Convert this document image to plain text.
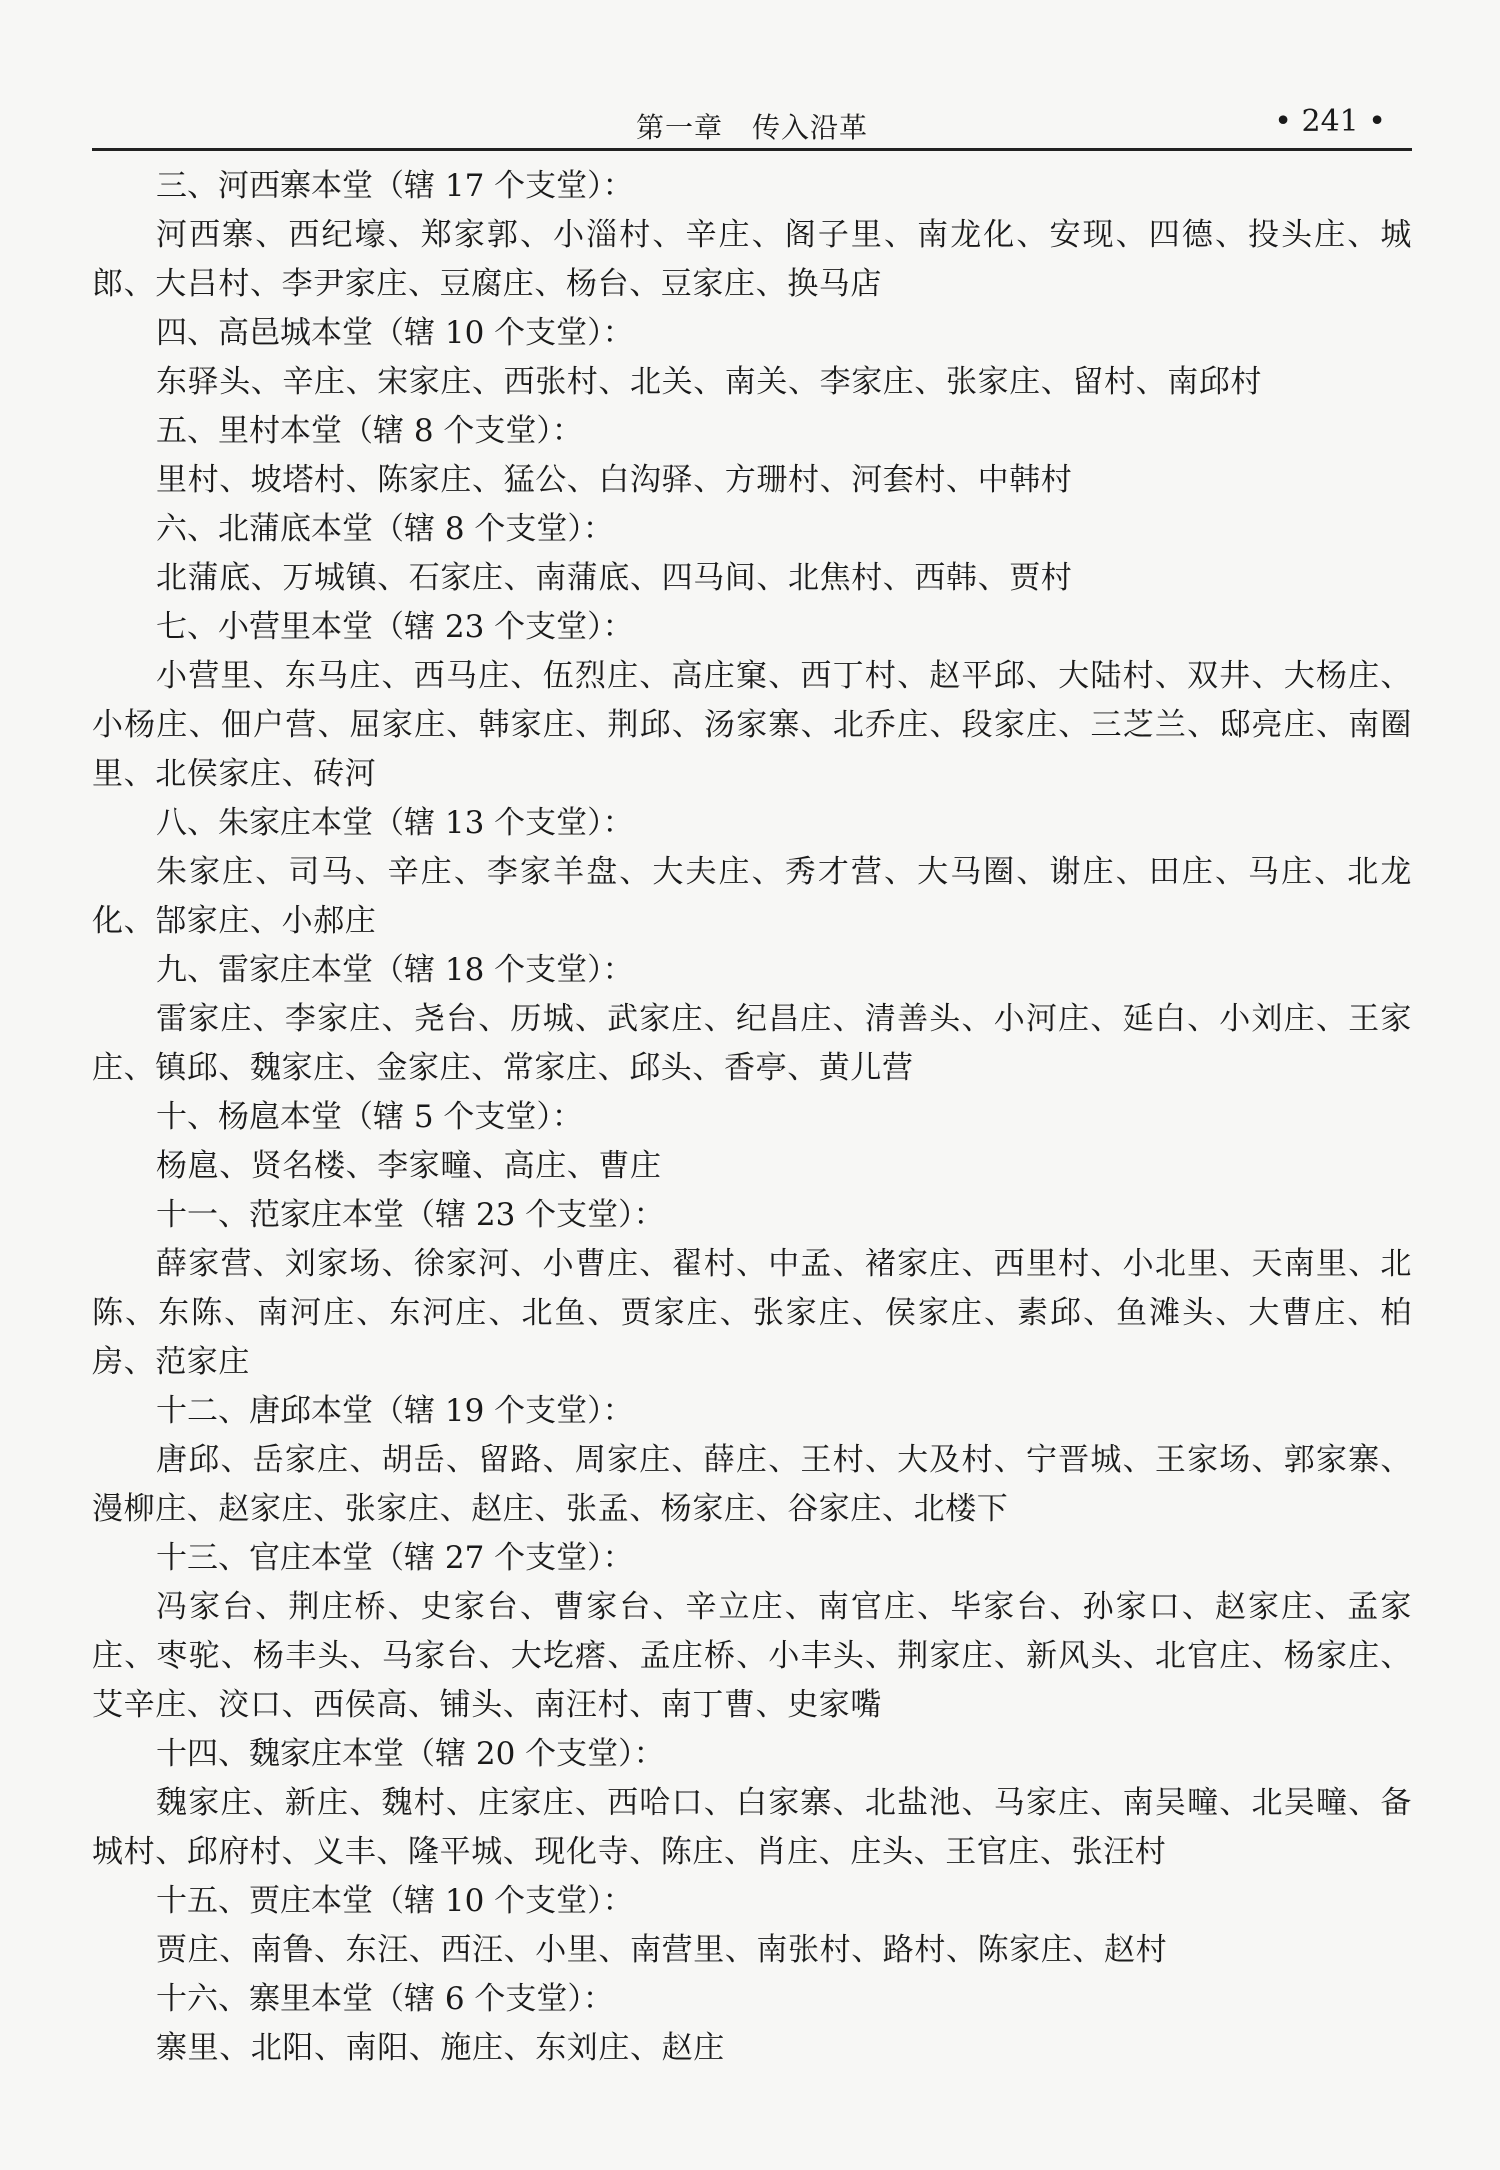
第一章　传入沿革	• 241 •
三、河西寨本堂（辖 17 个支堂）：
河西寨、西纪壕、郑家郭、小淄村、辛庄、阁子里、南龙化、安现、四德、投头庄、城郎、大吕村、李尹家庄、豆腐庄、杨台、豆家庄、换马店
四、高邑城本堂（辖 10 个支堂）：
东驿头、辛庄、宋家庄、西张村、北关、南关、李家庄、张家庄、留村、南邱村
五、里村本堂（辖 8 个支堂）：
里村、坡塔村、陈家庄、猛公、白沟驿、方珊村、河套村、中韩村
六、北蒲底本堂（辖 8 个支堂）：
北蒲底、万城镇、石家庄、南蒲底、四马间、北焦村、西韩、贾村
七、小营里本堂（辖 23 个支堂）：
小营里、东马庄、西马庄、伍烈庄、高庄窠、西丁村、赵平邱、大陆村、双井、大杨庄、小杨庄、佃户营、屈家庄、韩家庄、荆邱、汤家寨、北乔庄、段家庄、三芝兰、邸亮庄、南圈里、北侯家庄、砖河
八、朱家庄本堂（辖 13 个支堂）：
朱家庄、司马、辛庄、李家羊盘、大夫庄、秀才营、大马圈、谢庄、田庄、马庄、北龙化、郜家庄、小郝庄
九、雷家庄本堂（辖 18 个支堂）：
雷家庄、李家庄、尧台、历城、武家庄、纪昌庄、清善头、小河庄、延白、小刘庄、王家庄、镇邱、魏家庄、金家庄、常家庄、邱头、香亭、黄儿营
十、杨扈本堂（辖 5 个支堂）：
杨扈、贤名楼、李家疃、高庄、曹庄
十一、范家庄本堂（辖 23 个支堂）：
薛家营、刘家场、徐家河、小曹庄、翟村、中孟、褚家庄、西里村、小北里、天南里、北陈、东陈、南河庄、东河庄、北鱼、贾家庄、张家庄、侯家庄、素邱、鱼滩头、大曹庄、柏房、范家庄
十二、唐邱本堂（辖 19 个支堂）：
唐邱、岳家庄、胡岳、留路、周家庄、薛庄、王村、大及村、宁晋城、王家场、郭家寨、漫柳庄、赵家庄、张家庄、赵庄、张孟、杨家庄、谷家庄、北楼下
十三、官庄本堂（辖 27 个支堂）：
冯家台、荆庄桥、史家台、曹家台、辛立庄、南官庄、毕家台、孙家口、赵家庄、孟家庄、枣驼、杨丰头、马家台、大圪瘩、孟庄桥、小丰头、荆家庄、新风头、北官庄、杨家庄、艾辛庄、洨口、西侯高、铺头、南汪村、南丁曹、史家嘴
十四、魏家庄本堂（辖 20 个支堂）：
魏家庄、新庄、魏村、庄家庄、西哈口、白家寨、北盐池、马家庄、南吴疃、北吴疃、备城村、邱府村、义丰、隆平城、现化寺、陈庄、肖庄、庄头、王官庄、张汪村
十五、贾庄本堂（辖 10 个支堂）：
贾庄、南鲁、东汪、西汪、小里、南营里、南张村、路村、陈家庄、赵村
十六、寨里本堂（辖 6 个支堂）：
寨里、北阳、南阳、施庄、东刘庄、赵庄
